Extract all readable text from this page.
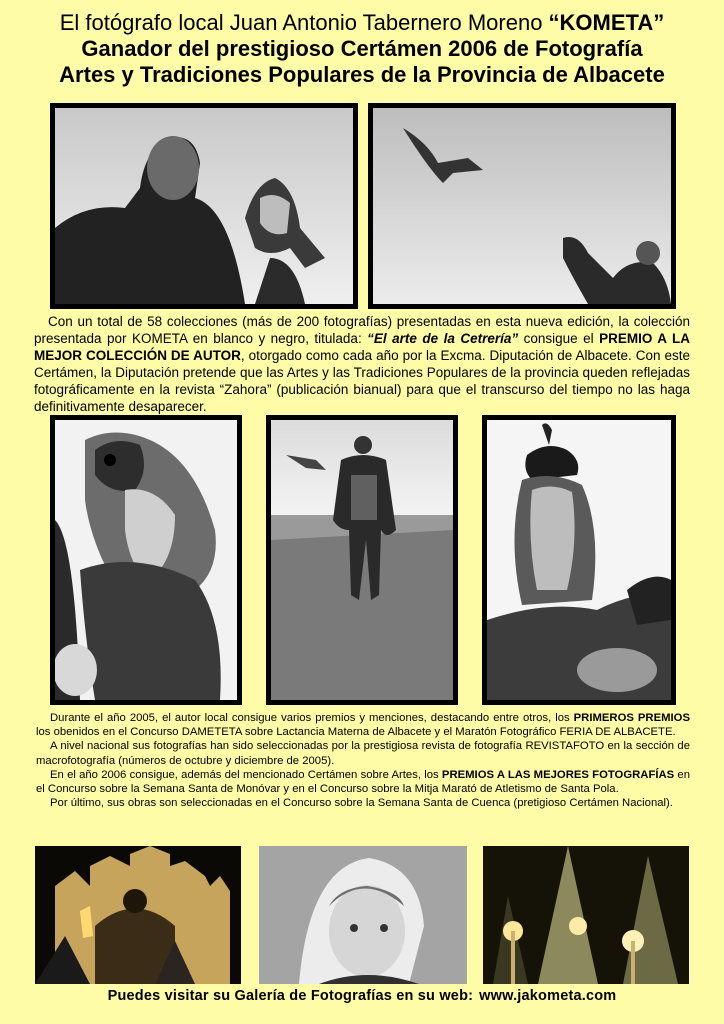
El fotógrafo local Juan Antonio Tabernero Moreno “KOMETA”
Ganador del prestigioso Certámen 2006 de Fotografía
Artes y Tradiciones Populares de la Provincia de Albacete
Con un total de 58 colecciones (más de 200 fotografías) presentadas en esta nueva edición, la colección presentada por KOMETA en blanco y negro, titulada: “El arte de la Cetrería” consigue el PREMIO A LA MEJOR COLECCIÓN DE AUTOR, otorgado como cada año por la Excma. Diputación de Albacete. Con este Certámen, la Diputación pretende que las Artes y las Tradiciones Populares de la provincia queden reflejadas fotográficamente en la revista “Zahora” (publicación bianual) para que el transcurso del tiempo no las haga definitivamente desaparecer.

Durante el año 2005, el autor local consigue varios premios y menciones, destacando entre otros, los PRIMEROS PREMIOS los obenidos en el Concurso DAMETETA sobre Lactancia Materna de Albacete y el Maratón Fotográfico FERIA DE ALBACETE.

A nivel nacional sus fotografías han sido seleccionadas por la prestigiosa revista de fotografía REVISTAFOTO en la sección de macrofotografía (números de octubre y diciembre de 2005).

En el año 2006 consigue, además del mencionado Certámen sobre Artes, los PREMIOS A LAS MEJORES FOTOGRAFÍAS en el Concurso sobre la Semana Santa de Monóvar y en el Concurso sobre la Mitja Marató de Atletismo de Santa Pola.

Por último, sus obras son seleccionadas en el Concurso sobre la Semana Santa de Cuenca (pretigioso Certámen Nacional).

Puedes visitar su Galería de Fotografías en su web: www.jakometa.com
